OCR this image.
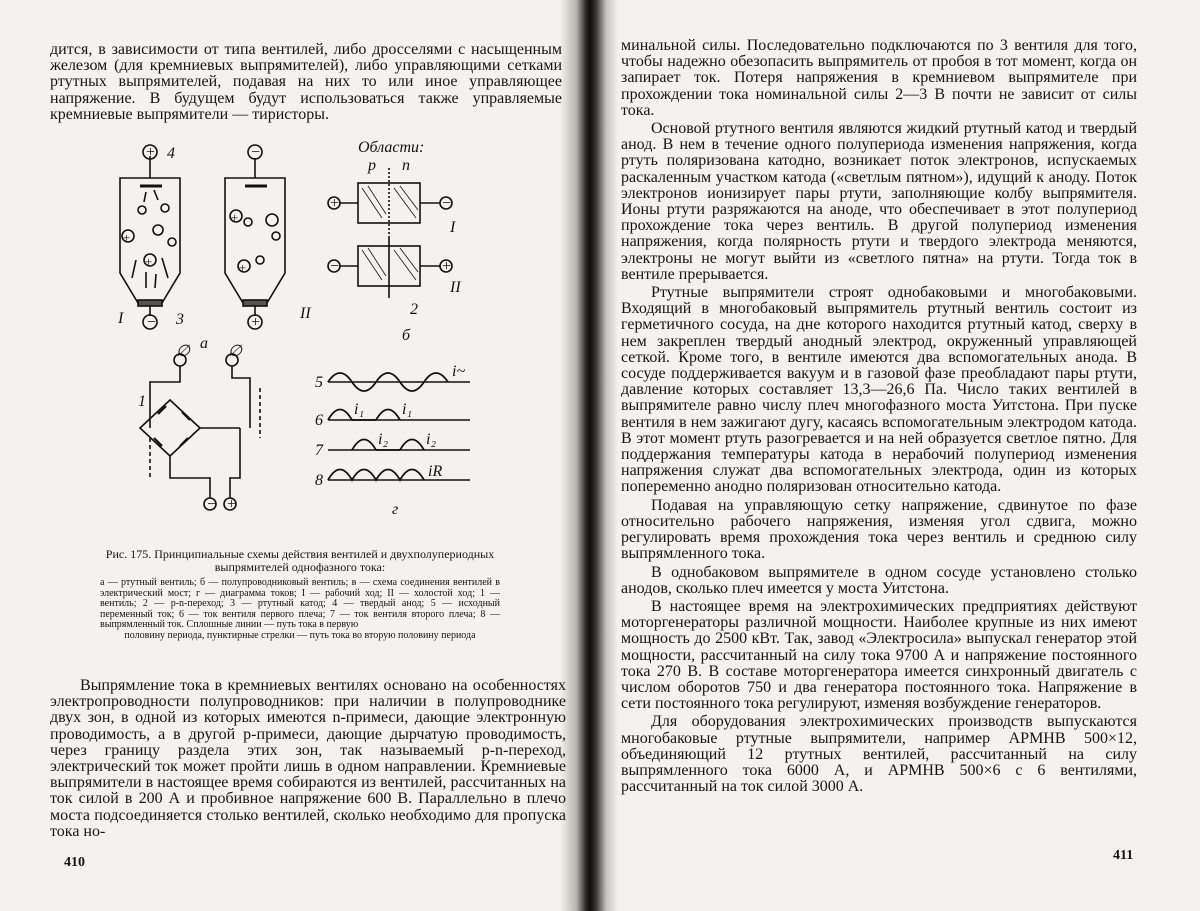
дится, в зависимости от типа вентилей, либо дросселями с насыщенным железом (для кремниевых выпрямителей), либо управляющими сетками ртутных выпрямителей, подавая на них то или иное управляющее напряжение. В будущем будут использоваться также управляемые кремниевые выпрямители — тиристоры.

+ 4
+
+
−
I	3
−
+
+
+
II
а
Области:
p n
+	−
I
−	+
II
2
б
∅ ∅
1
− +
5
i~
6
i₁ i₁
7
i₂ i₂
8
iR
г
Рис. 175. Принципиальные схемы действия вентилей и двухполупериодных выпрямителей однофазного тока:
а — ртутный вентиль; б — полупроводниковый вентиль; в — схема соединения вентилей в электрический мост; г — диаграмма токов; I — рабочий ход; II — холостой ход; 1 — вентиль; 2 — p-n-переход; 3 — ртутный катод; 4 — твердый анод; 5 — исходный переменный ток; 6 — ток вентиля первого плеча; 7 — ток вентиля второго плеча; 8 — выпрямленный ток. Сплошные линии — путь тока в первую
половину периода, пунктирные стрелки — путь тока во вторую половину периода

Выпрямление тока в кремниевых вентилях основано на особенностях электропроводности полупроводников: при наличии в полупроводнике двух зон, в одной из которых имеются n-примеси, дающие электронную проводимость, а в другой p-примеси, дающие дырчатую проводимость, через границу раздела этих зон, так называемый p-n-переход, электрический ток может пройти лишь в одном направлении. Кремниевые выпрямители в настоящее время собираются из вентилей, рассчитанных на ток силой в 200 А и пробивное напряжение 600 В. Параллельно в плечо моста подсоединяется столько вентилей, сколько необходимо для пропуска тока но-

410

минальной силы. Последовательно подключаются по 3 вентиля для того, чтобы надежно обезопасить выпрямитель от пробоя в тот момент, когда он запирает ток. Потеря напряжения в кремниевом выпрямителе при прохождении тока номинальной силы 2—3 В почти не зависит от силы тока.

Основой ртутного вентиля являются жидкий ртутный катод и твердый анод. В нем в течение одного полупериода изменения напряжения, когда ртуть поляризована катодно, возникает поток электронов, испускаемых раскаленным участком катода («светлым пятном»), идущий к аноду. Поток электронов ионизирует пары ртути, заполняющие колбу выпрямителя. Ионы ртути разряжаются на аноде, что обеспечивает в этот полупериод прохождение тока через вентиль. В другой полупериод изменения напряжения, когда полярность ртути и твердого электрода меняются, электроны не могут выйти из «светлого пятна» на ртути. Тогда ток в вентиле прерывается.

Ртутные выпрямители строят однобаковыми и многобаковыми. Входящий в многобаковый выпрямитель ртутный вентиль состоит из герметичного сосуда, на дне которого находится ртутный катод, сверху в нем закреплен твердый анодный электрод, окруженный управляющей сеткой. Кроме того, в вентиле имеются два вспомогательных анода. В сосуде поддерживается вакуум и в газовой фазе преобладают пары ртути, давление которых составляет 13,3—26,6 Па. Число таких вентилей в выпрямителе равно числу плеч многофазного моста Уитстона. При пуске вентиля в нем зажигают дугу, касаясь вспомогательным электродом катода. В этот момент ртуть разогревается и на ней образуется светлое пятно. Для поддержания температуры катода в нерабочий полупериод изменения напряжения служат два вспомогательных электрода, один из которых попеременно анодно поляризован относительно катода.

Подавая на управляющую сетку напряжение, сдвинутое по фазе относительно рабочего напряжения, изменяя угол сдвига, можно регулировать время прохождения тока через вентиль и среднюю силу выпрямленного тока.

В однобаковом выпрямителе в одном сосуде установлено столько анодов, сколько плеч имеется у моста Уитстона.

В настоящее время на электрохимических предприятиях действуют моторгенераторы различной мощности. Наиболее крупные из них имеют мощность до 2500 кВт. Так, завод «Электросила» выпускал генератор этой мощности, рассчитанный на силу тока 9700 А и напряжение постоянного тока 270 В. В составе моторгенератора имеется синхронный двигатель с числом оборотов 750 и два генератора постоянного тока. Напряжение в сети постоянного тока регулируют, изменяя возбуждение генераторов.

Для оборудования электрохимических производств выпускаются многобаковые ртутные выпрямители, например АРМНВ 500×12, объединяющий 12 ртутных вентилей, рассчитанный на силу выпрямленного тока 6000 А, и АРМНВ 500×6 с 6 вентилями, рассчитанный на ток силой 3000 А.

411
